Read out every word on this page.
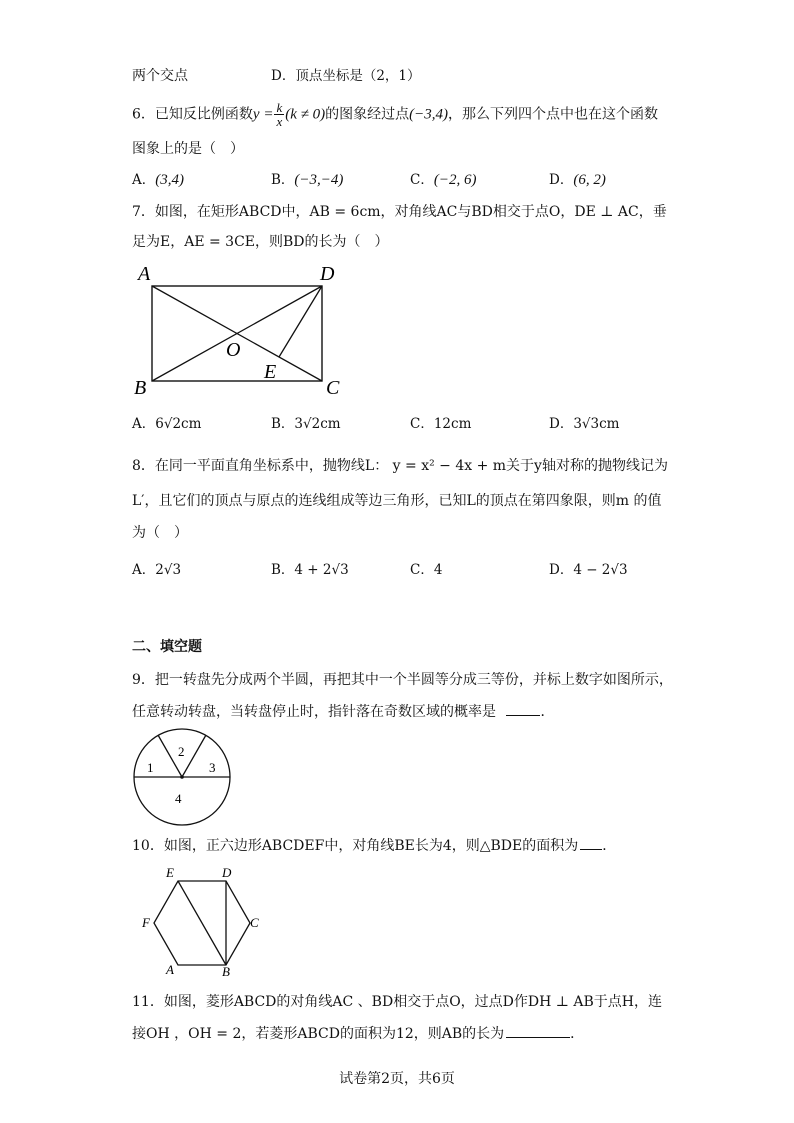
两个交点	D．顶点坐标是（2，1）
6．已知反比例函数$y = \frac{k}{x} (k \ne 0)$的图象经过点(−3,4)，那么下列四个点中也在这个函数
图象上的是（　）
A．(3,4)	B．(−3,−4)	C．(−2, 6)	D．(6, 2)
7．如图，在矩形ABCD中，AB = 6cm，对角线AC与BD相交于点O，DE ⊥ AC，垂
足为E，AE = 3CE，则BD的长为（　）
A
B	C
D
O
E
A．6√2cm	B．3√2cm	C．12cm	D．3√3cm
8．在同一平面直角坐标系中，抛物线L： y = x² − 4x + m关于y轴对称的抛物线记为
L′，且它们的顶点与原点的连线组成等边三角形，已知L的顶点在第四象限，则m 的值
为（　）
A．2√3	B．4 + 2√3	C．4	D．4 − 2√3
二、填空题
9．把一转盘先分成两个半圆，再把其中一个半圆等分成三等份，并标上数字如图所示，
任意转动转盘，当转盘停止时，指针落在奇数区域的概率是	．
1
2
3
4
10．如图，正六边形ABCDEF中，对角线BE长为4，则△BDE的面积为 ．
A	B
C
D
E
F
11．如图，菱形ABCD的对角线AC 、BD相交于点O，过点D作DH ⊥ AB于点H，连
接OH ，OH = 2，若菱形ABCD的面积为12，则AB的长为	．
试卷第2页，共6页
